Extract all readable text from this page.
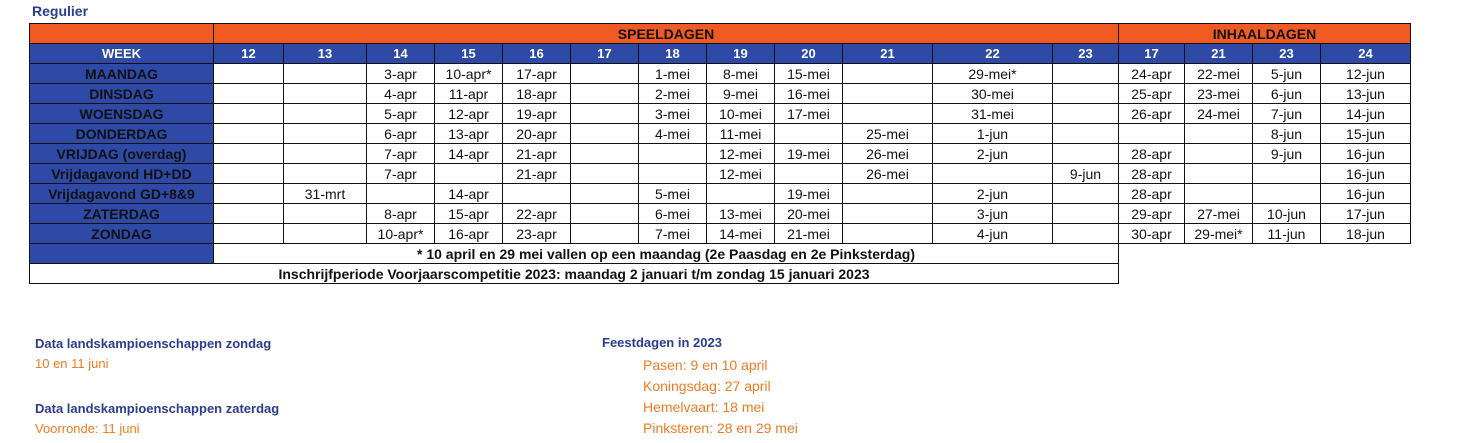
Regulier
	SPEELDAGEN												INHAALDAGEN			
WEEK	12	13	14	15	16	17	18	19	20	21	22	23	17	21	23	24
MAANDAG			3-apr	10-apr*	17-apr		1-mei	8-mei	15-mei		29-mei*		24-apr	22-mei	5-jun	12-jun
DINSDAG			4-apr	11-apr	18-apr		2-mei	9-mei	16-mei		30-mei		25-apr	23-mei	6-jun	13-jun
WOENSDAG			5-apr	12-apr	19-apr		3-mei	10-mei	17-mei		31-mei		26-apr	24-mei	7-jun	14-jun
DONDERDAG			6-apr	13-apr	20-apr		4-mei	11-mei		25-mei	1-jun				8-jun	15-jun
VRIJDAG (overdag)			7-apr	14-apr	21-apr			12-mei	19-mei	26-mei	2-jun		28-apr		9-jun	16-jun
Vrijdagavond HD+DD			7-apr		21-apr			12-mei		26-mei		9-jun	28-apr			16-jun
Vrijdagavond GD+8&9		31-mrt		14-apr			5-mei		19-mei		2-jun		28-apr			16-jun
ZATERDAG			8-apr	15-apr	22-apr		6-mei	13-mei	20-mei		3-jun		29-apr	27-mei	10-jun	17-jun
ZONDAG			10-apr*	16-apr	23-apr		7-mei	14-mei	21-mei		4-jun		30-apr	29-mei*	11-jun	18-jun
	* 10 april en 29 mei vallen op een maandag (2e Paasdag en 2e Pinksterdag)															
Inschrijfperiode Voorjaarscompetitie 2023: maandag 2 januari t/m zondag 15 januari 2023																
Data landskampioenschappen zondag
10 en 11 juni
Data landskampioenschappen zaterdag
Voorronde: 11 juni
Feestdagen in 2023
Pasen: 9 en 10 april
Koningsdag: 27 april
Hemelvaart: 18 mei
Pinksteren: 28 en 29 mei
